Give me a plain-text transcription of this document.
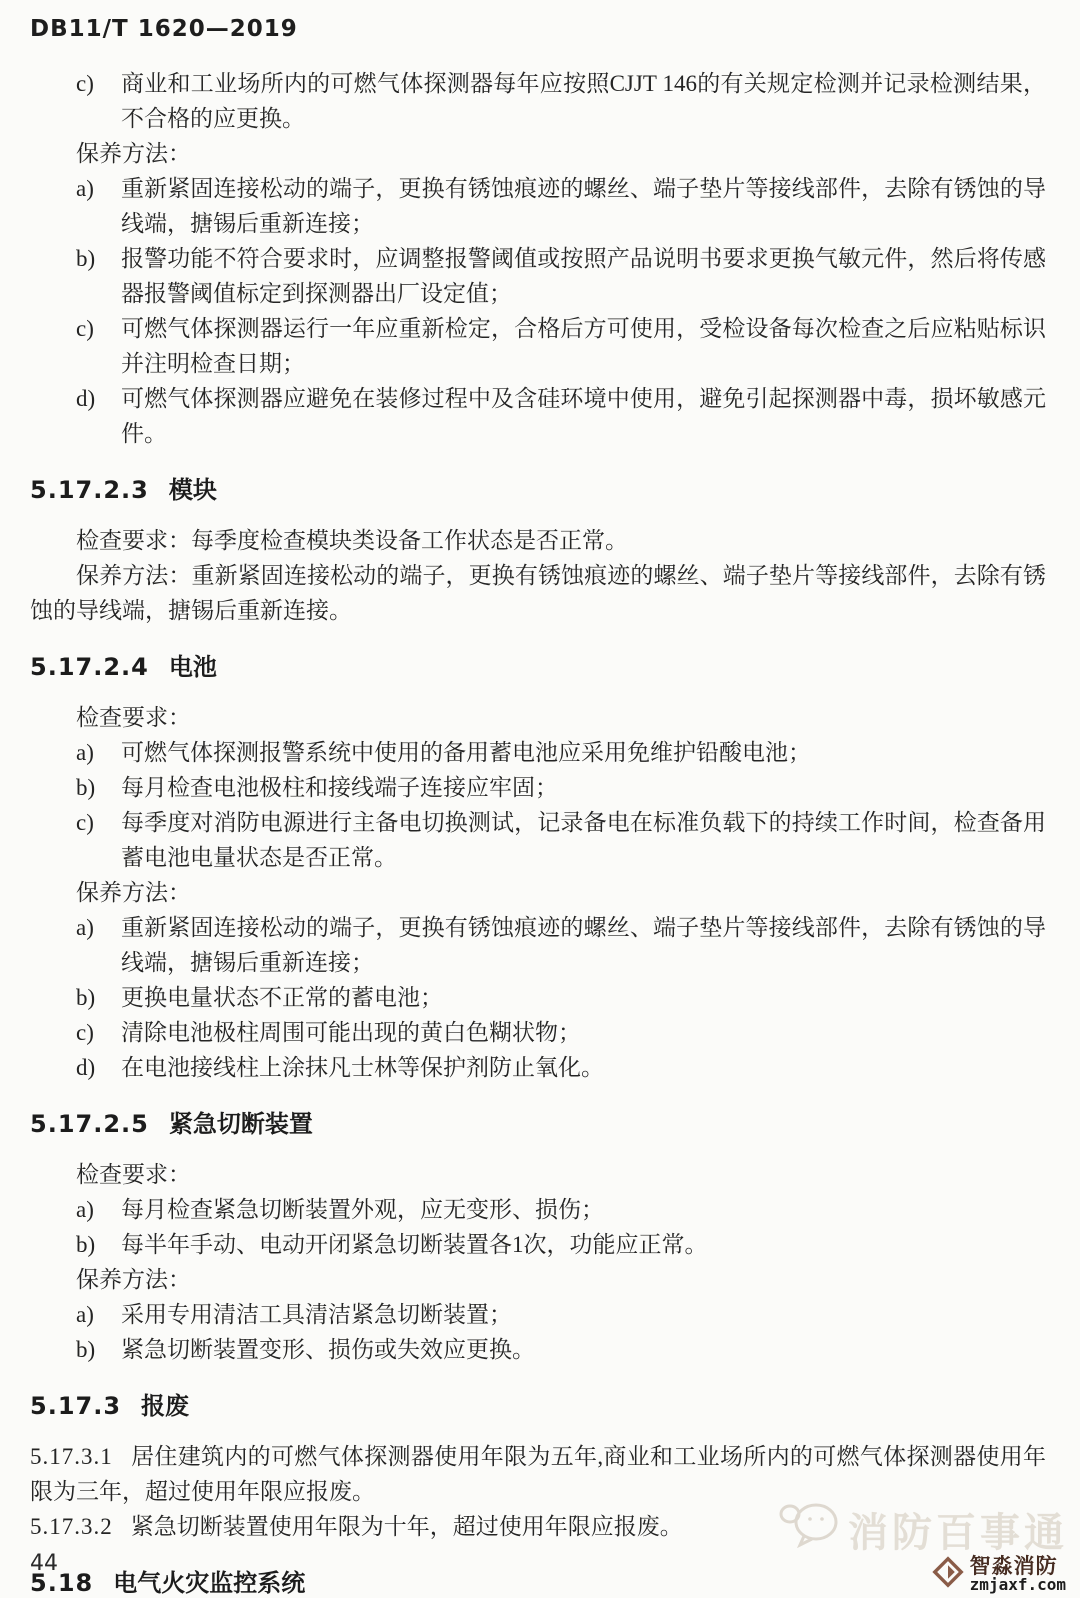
DB11/T 1620—2019
c)	商业和工业场所内的可燃气体探测器每年应按照CJJT 146的有关规定检测并记录检测结果，不合格的应更换。

保养方法：

a)	重新紧固连接松动的端子，更换有锈蚀痕迹的螺丝、端子垫片等接线部件，去除有锈蚀的导线端，搪锡后重新连接；
b)	报警功能不符合要求时，应调整报警阈值或按照产品说明书要求更换气敏元件，然后将传感器报警阈值标定到探测器出厂设定值；
c)	可燃气体探测器运行一年应重新检定，合格后方可使用，受检设备每次检查之后应粘贴标识并注明检查日期；
d)	可燃气体探测器应避免在装修过程中及含硅环境中使用，避免引起探测器中毒，损坏敏感元件。
5.17.2.3 模块

检查要求：每季度检查模块类设备工作状态是否正常。

保养方法：重新紧固连接松动的端子，更换有锈蚀痕迹的螺丝、端子垫片等接线部件，去除有锈蚀的导线端，搪锡后重新连接。

5.17.2.4 电池

检查要求：

a)	可燃气体探测报警系统中使用的备用蓄电池应采用免维护铅酸电池；
b)	每月检查电池极柱和接线端子连接应牢固；
c)	每季度对消防电源进行主备电切换测试，记录备电在标准负载下的持续工作时间，检查备用蓄电池电量状态是否正常。

保养方法：

a)	重新紧固连接松动的端子，更换有锈蚀痕迹的螺丝、端子垫片等接线部件，去除有锈蚀的导线端，搪锡后重新连接；
b)	更换电量状态不正常的蓄电池；
c)	清除电池极柱周围可能出现的黄白色糊状物；
d)	在电池接线柱上涂抹凡士林等保护剂防止氧化。
5.17.2.5 紧急切断装置

检查要求：

a)	每月检查紧急切断装置外观，应无变形、损伤；
b)	每半年手动、电动开闭紧急切断装置各1次，功能应正常。

保养方法：

a)	采用专用清洁工具清洁紧急切断装置；
b)	紧急切断装置变形、损伤或失效应更换。
5.17.3 报废

5.17.3.1 居住建筑内的可燃气体探测器使用年限为五年,商业和工业场所内的可燃气体探测器使用年限为三年，超过使用年限应报废。

5.17.3.2 紧急切断装置使用年限为十年，超过使用年限应报废。

5.18 电气火灾监控系统
44
消防百事通
智淼消防
zmjaxf.com
